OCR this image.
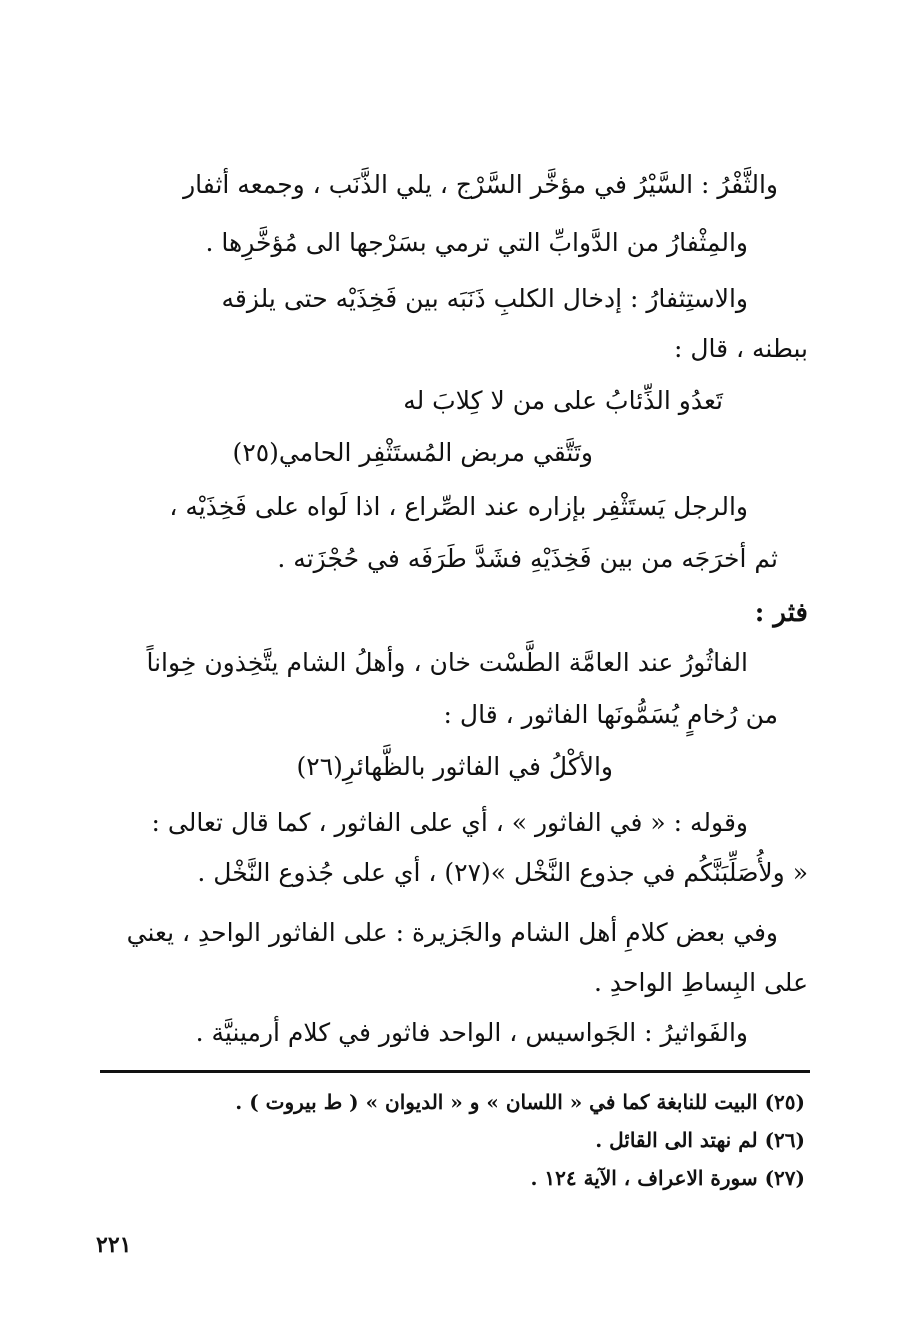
والثَّفْرُ : السَّيْرُ في مؤخَّر السَّرْج ، يلي الذَّنَب ، وجمعه أثفار
والمِثْفارُ من الدَّوابِّ التي ترمي بسَرْجها الى مُؤخَّرِها .
والاستِثفارُ : إدخال الكلبِ ذَنَبَه بين فَخِذَيْه حتى يلزقه
ببطنه ، قال :
تَعدُو الذِّئابُ على من لا كِلابَ له
وتَتَّقي مربض المُستَثْفِر الحامي(٢٥)
والرجل يَستَثْفِر بإزاره عند الصِّراع ، اذا لَواه على فَخِذَيْه ،
ثم أخرَجَه من بين فَخِذَيْهِ فشَدَّ طَرَفَه في حُجْزَته .
فثر :
الفاثُورُ عند العامَّة الطَّسْت خان ، وأهلُ الشام يتَّخِذون خِواناً
من رُخامٍ يُسَمُّونَها الفاثور ، قال :
والأكْلُ في الفاثور بالظَّهائرِ(٢٦)
وقوله : « في الفاثور » ، أي على الفاثور ، كما قال تعالى :
« ولأُصَلِّبَنَّكُم في جذوع النَّخْل »(٢٧) ، أي على جُذوع النَّخْل .
وفي بعض كلامِ أهل الشام والجَزيرة : على الفاثور الواحدِ ، يعني
على البِساطِ الواحدِ .
والفَواثيرُ : الجَواسيس ، الواحد فاثور في كلام أرمينيَّة .
(٢٥) البيت للنابغة كما في « اللسان » و « الديوان » ( ط بيروت ) .
(٢٦) لم نهتد الى القائل .
(٢٧) سورة الاعراف ، الآية ١٢٤ .
٢٢١
